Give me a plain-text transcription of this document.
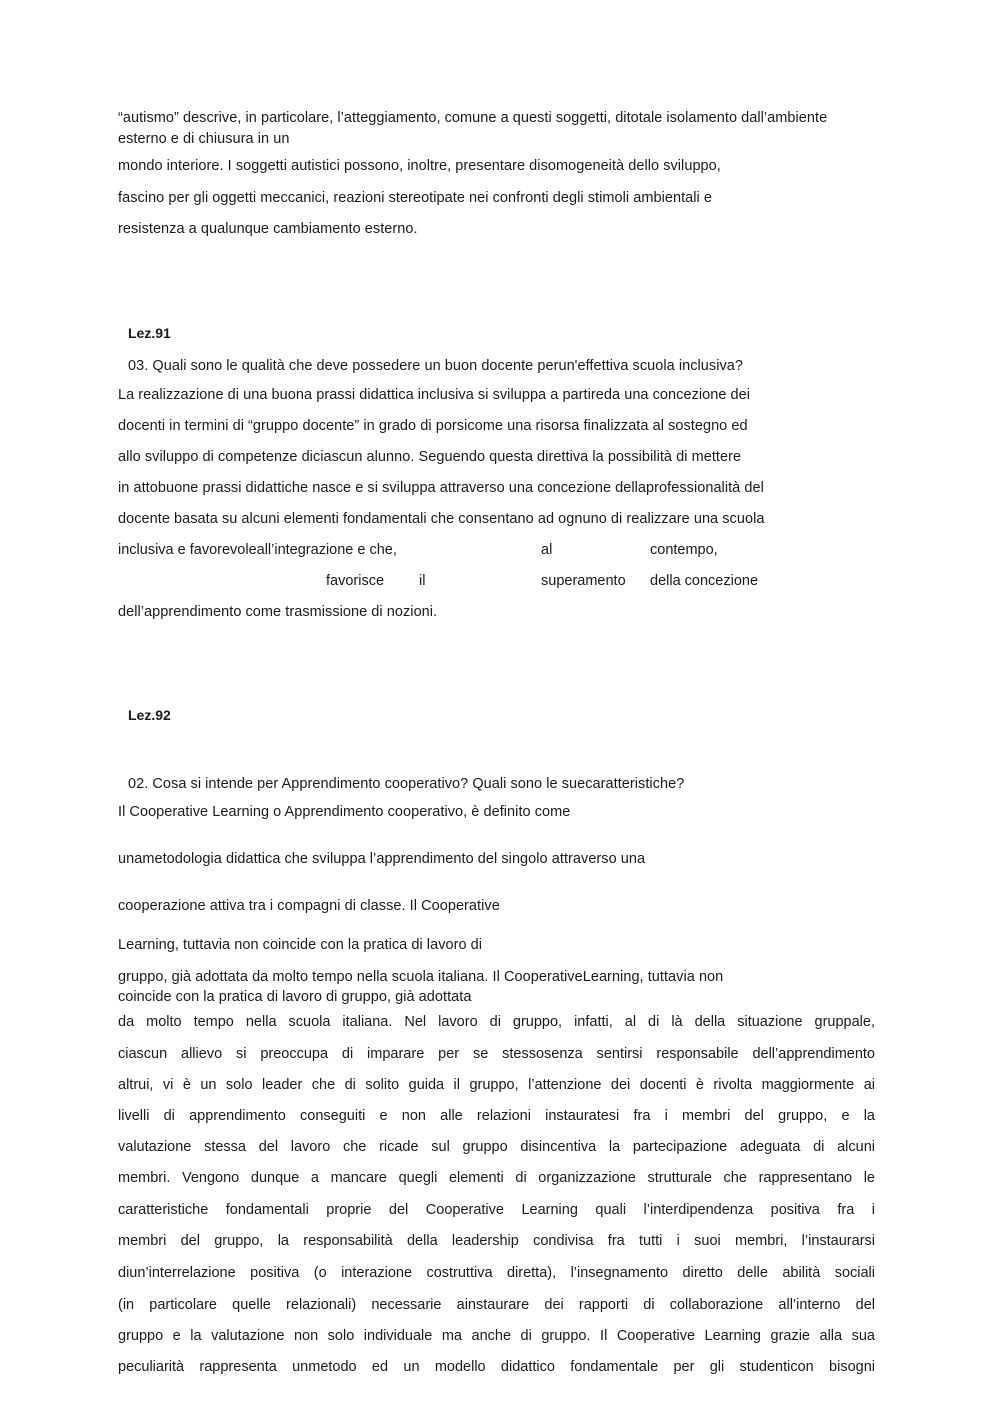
“autismo” descrive, in particolare, l’atteggiamento, comune a questi soggetti, ditotale isolamento dall’ambiente
esterno e di chiusura in un
mondo interiore. I soggetti autistici possono, inoltre, presentare disomogeneità dello sviluppo,
fascino per gli oggetti meccanici, reazioni stereotipate nei confronti degli stimoli ambientali e
resistenza a qualunque cambiamento esterno.
Lez.91
03. Quali sono le qualità che deve possedere un buon docente perun'effettiva scuola inclusiva?
La realizzazione di una buona prassi didattica inclusiva si sviluppa a partireda una concezione dei
docenti in termini di “gruppo docente” in grado di porsicome una risorsa finalizzata al sostegno ed
allo sviluppo di competenze diciascun alunno. Seguendo questa direttiva la possibilità di mettere
in attobuone prassi didattiche nasce e si sviluppa attraverso una concezione dellaprofessionalità del
docente basata su alcuni elementi fondamentali che consentano ad ognuno di realizzare una scuola
inclusiva e favorevoleall’integrazione e che,	al	contempo,
favorisce il	superamento della concezione
dell’apprendimento come trasmissione di nozioni.
Lez.92
02. Cosa si intende per Apprendimento cooperativo? Quali sono le suecaratteristiche?
Il Cooperative Learning o Apprendimento cooperativo, è definito come
unametodologia didattica che sviluppa l’apprendimento del singolo attraverso una
cooperazione attiva tra i compagni di classe. Il Cooperative
Learning, tuttavia non coincide con la pratica di lavoro di
gruppo, già adottata da molto tempo nella scuola italiana. Il CooperativeLearning, tuttavia non
coincide con la pratica di lavoro di gruppo, già adottata
da molto tempo nella scuola italiana. Nel lavoro di gruppo, infatti, al di là della situazione gruppale,
ciascun allievo si preoccupa di imparare per se stessosenza sentirsi responsabile dell’apprendimento
altrui, vi è un solo leader che di solito guida il gruppo, l’attenzione dei docenti è rivolta maggiormente ai
livelli di apprendimento conseguiti e non alle relazioni instauratesi fra i membri del gruppo, e la
valutazione stessa del lavoro che ricade sul gruppo disincentiva la partecipazione adeguata di alcuni
membri. Vengono dunque a mancare quegli elementi di organizzazione strutturale che rappresentano le
caratteristiche fondamentali proprie del Cooperative Learning quali l’interdipendenza positiva fra i
membri del gruppo, la responsabilità della leadership condivisa fra tutti i suoi membri, l’instaurarsi
diun’interrelazione positiva (o interazione costruttiva diretta), l’insegnamento diretto delle abilità sociali
(in particolare quelle relazionali) necessarie ainstaurare dei rapporti di collaborazione all’interno del
gruppo e la valutazione non solo individuale ma anche di gruppo. Il Cooperative Learning grazie alla sua
peculiarità rappresenta unmetodo ed un modello didattico fondamentale per gli studenticon bisogni
